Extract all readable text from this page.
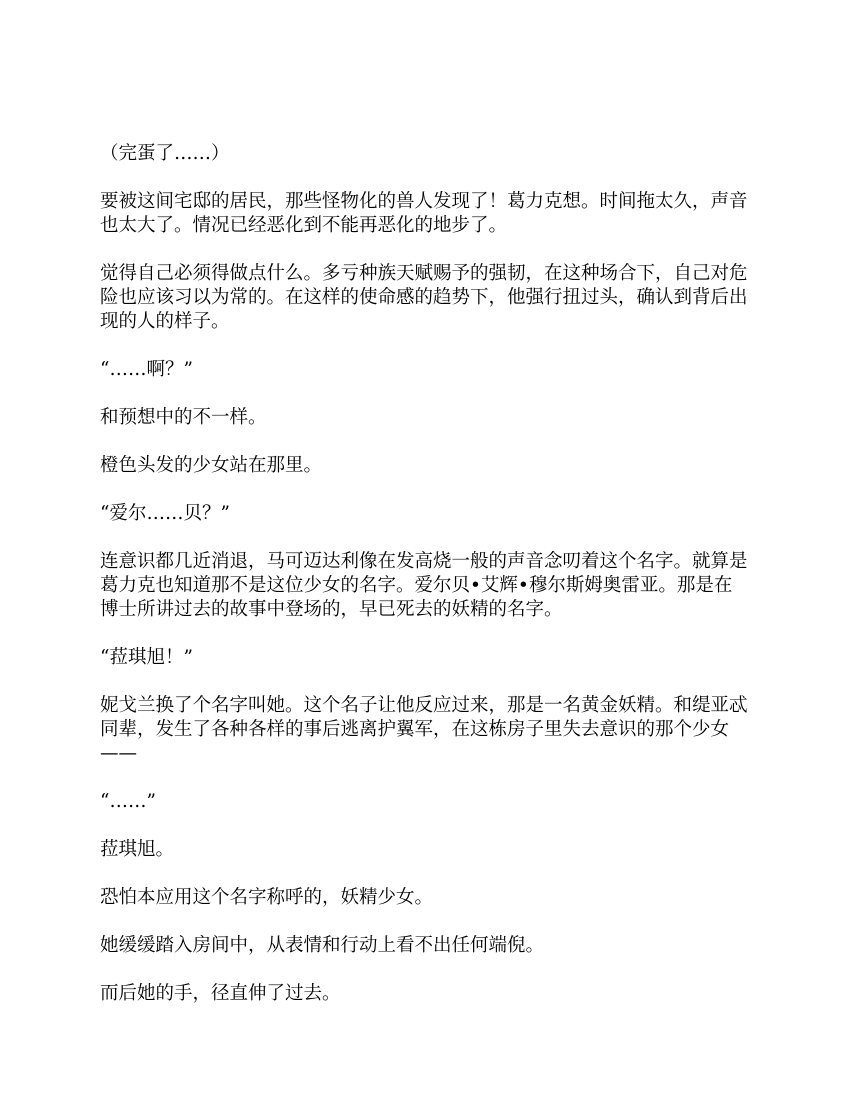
（完蛋了……）

要被这间宅邸的居民，那些怪物化的兽人发现了！葛力克想。时间拖太久，声音也太大了。情况已经恶化到不能再恶化的地步了。

觉得自己必须得做点什么。多亏种族天赋赐予的强韧，在这种场合下，自己对危险也应该习以为常的。在这样的使命感的趋势下，他强行扭过头，确认到背后出现的人的样子。

“……啊？”

和预想中的不一样。

橙色头发的少女站在那里。

“爱尔……贝？”

连意识都几近消退，马可迈达利像在发高烧一般的声音念叨着这个名字。就算是葛力克也知道那不是这位少女的名字。爱尔贝•艾辉•穆尔斯姆奥雷亚。那是在博士所讲过去的故事中登场的，早已死去的妖精的名字。

“菈琪旭！”

妮戈兰换了个名字叫她。这个名子让他反应过来，那是一名黄金妖精。和缇亚忒同辈，发生了各种各样的事后逃离护翼军，在这栋房子里失去意识的那个少女——

“……”

菈琪旭。

恐怕本应用这个名字称呼的，妖精少女。

她缓缓踏入房间中，从表情和行动上看不出任何端倪。

而后她的手，径直伸了过去。
